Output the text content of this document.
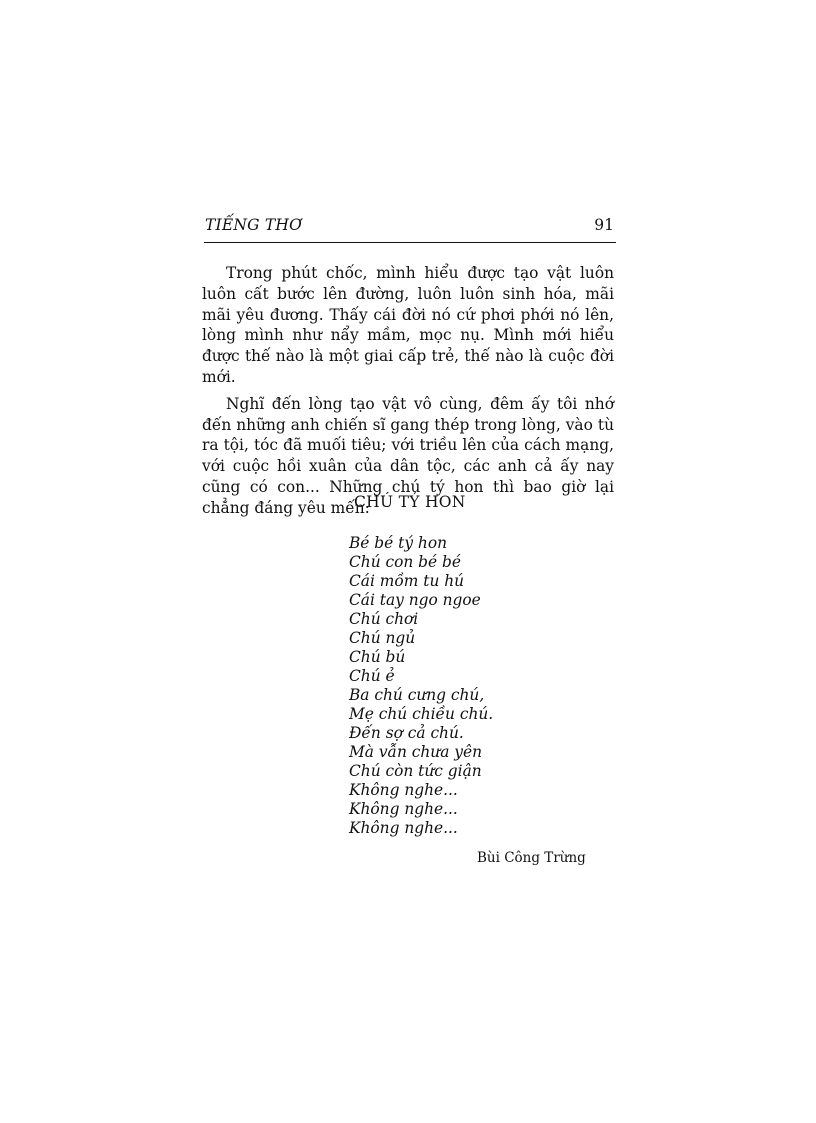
TIẾNG THƠ	91

Trong phút chốc, mình hiểu được tạo vật luôn luôn cất bước lên đường, luôn luôn sinh hóa, mãi mãi yêu đương. Thấy cái đời nó cứ phơi phới nó lên, lòng mình như nẩy mầm, mọc nụ. Mình mới hiểu được thế nào là một giai cấp trẻ, thế nào là cuộc đời mới.

Nghĩ đến lòng tạo vật vô cùng, đêm ấy tôi nhớ đến những anh chiến sĩ gang thép trong lòng, vào tù ra tội, tóc đã muối tiêu; với triều lên của cách mạng, với cuộc hồi xuân của dân tộc, các anh cả ấy nay cũng có con... Những chú tý hon thì bao giờ lại chẳng đáng yêu mến:

CHÚ TÝ HON
Bé bé tý hon
Chú con bé bé
Cái mồm tu hú
Cái tay ngo ngoe
Chú chơi
Chú ngủ
Chú bú
Chú ẻ
Ba chú cưng chú,
Mẹ chú chiều chú.
Đến sợ cả chú.
Mà vẫn chưa yên
Chú còn tức giận
Không nghe...
Không nghe...
Không nghe...
Bùi Công Trừng
